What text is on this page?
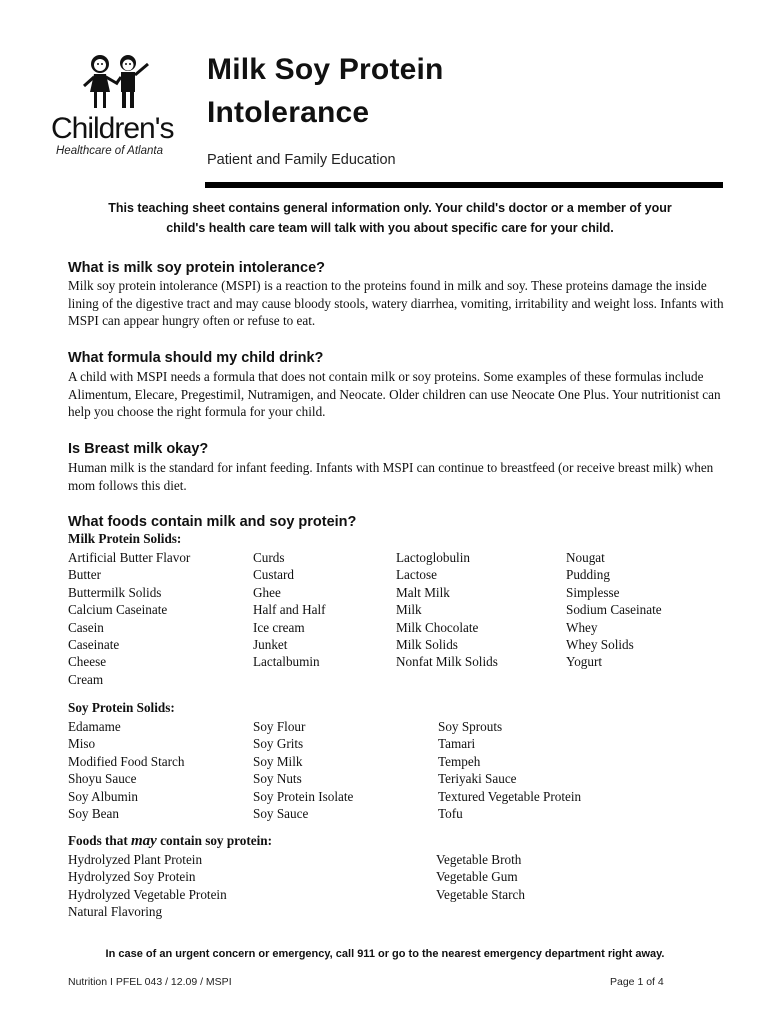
Children's
Healthcare of Atlanta
Milk Soy Protein
Intolerance
Patient and Family Education
This teaching sheet contains general information only. Your child's doctor or a member of your
child's health care team will talk with you about specific care for your child.
What is milk soy protein intolerance?
Milk soy protein intolerance (MSPI) is a reaction to the proteins found in milk and soy. These proteins damage the inside lining of the digestive tract and may cause bloody stools, watery diarrhea, vomiting, irritability and weight loss. Infants with MSPI can appear hungry often or refuse to eat.
What formula should my child drink?
A child with MSPI needs a formula that does not contain milk or soy proteins. Some examples of these formulas include Alimentum, Elecare, Pregestimil, Nutramigen, and Neocate. Older children can use Neocate One Plus. Your nutritionist can help you choose the right formula for your child.
Is Breast milk okay?
Human milk is the standard for infant feeding. Infants with MSPI can continue to breastfeed (or receive breast milk) when mom follows this diet.
What foods contain milk and soy protein?
Milk Protein Solids:
Artificial Butter Flavor
Butter
Buttermilk Solids
Calcium Caseinate
Casein
Caseinate
Cheese
Cream
Curds
Custard
Ghee
Half and Half
Ice cream
Junket
Lactalbumin
Lactoglobulin
Lactose
Malt Milk
Milk
Milk Chocolate
Milk Solids
Nonfat Milk Solids
Nougat
Pudding
Simplesse
Sodium Caseinate
Whey
Whey Solids
Yogurt
Soy Protein Solids:
Edamame
Miso
Modified Food Starch
Shoyu Sauce
Soy Albumin
Soy Bean
Soy Flour
Soy Grits
Soy Milk
Soy Nuts
Soy Protein Isolate
Soy Sauce
Soy Sprouts
Tamari
Tempeh
Teriyaki Sauce
Textured Vegetable Protein
Tofu
Foods that may contain soy protein:
Hydrolyzed Plant Protein
Hydrolyzed Soy Protein
Hydrolyzed Vegetable Protein
Natural Flavoring
Vegetable Broth
Vegetable Gum
Vegetable Starch
In case of an urgent concern or emergency, call 911 or go to the nearest emergency department right away.
Nutrition I PFEL 043 / 12.09 / MSPI	Page 1 of 4
